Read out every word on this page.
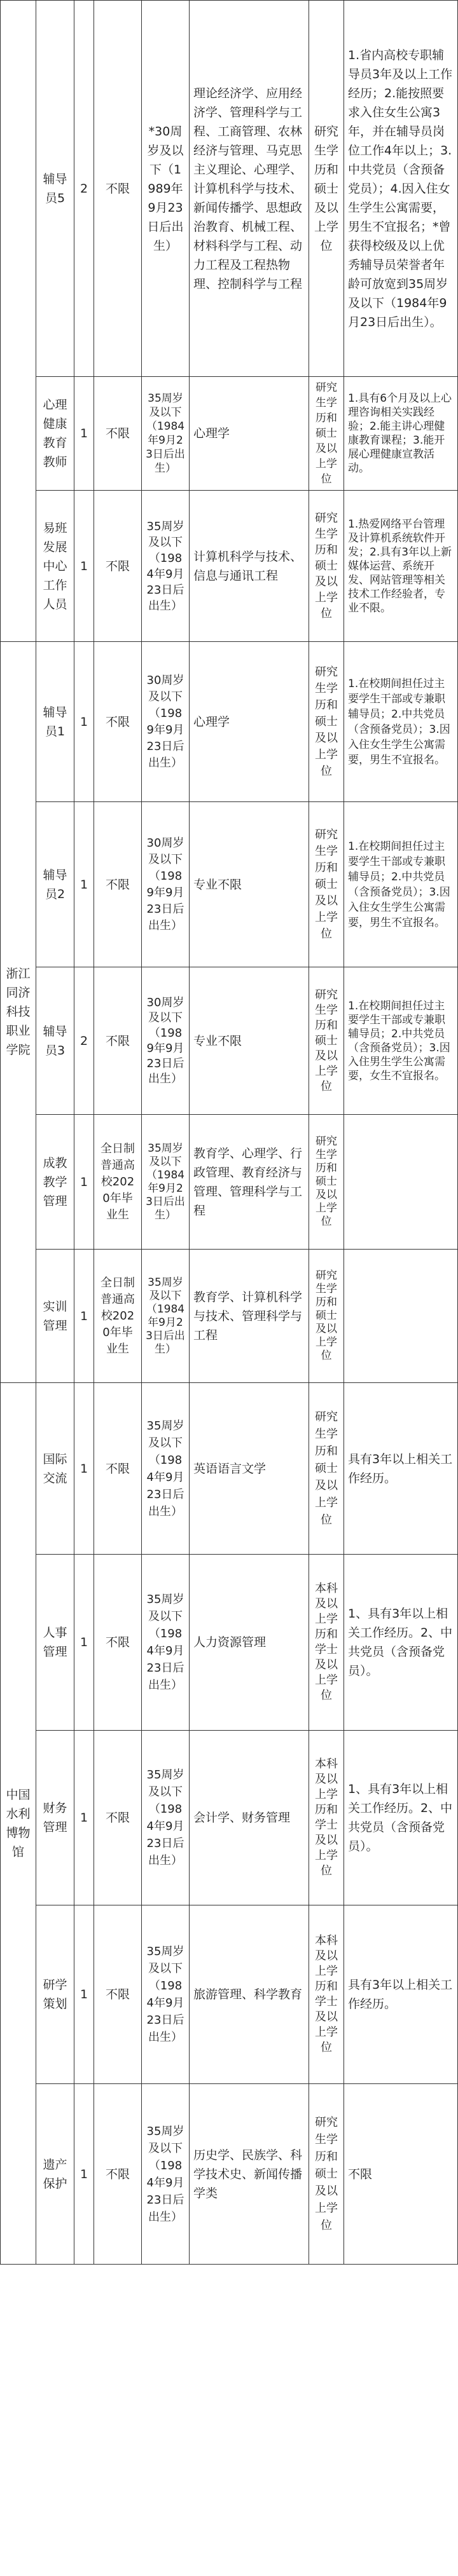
浙江同济科技职业学院
中国水利博物馆
辅导员5
2 不限
*30周岁及以下（1989年9月23日后出生）
理论经济学、应用经济学、管理科学与工程、工商管理、农林经济与管理、马克思主义理论、心理学、计算机科学与技术、新闻传播学、思想政治教育、机械工程、材料科学与工程、动力工程及工程热物理、控制科学与工程
研究生学历和硕士及以上学位
1.省内高校专职辅导员3年及以上工作经历；2.能按照要求入住女生公寓3年，并在辅导员岗位工作4年以上；3.中共党员（含预备党员）；4.因入住女生学生公寓需要，男生不宜报名；*曾获得校级及以上优秀辅导员荣誉者年龄可放宽到35周岁及以下（1984年9月23日后出生）。
心理健康教育教师
1 不限
35周岁及以下（1984年9月23日后出生）
心理学
研究生学历和硕士及以上学位
1.具有6个月及以上心理咨询相关实践经验；2.能主讲心理健康教育课程；3.能开展心理健康宣教活动。
易班发展中心工作人员
1 不限
35周岁及以下（1984年9月23日后出生）
计算机科学与技术、信息与通讯工程
研究生学历和硕士及以上学位
1.热爱网络平台管理及计算机系统软件开发；2.具有3年以上新媒体运营、系统开发、网站管理等相关技术工作经验者，专业不限。
辅导员1
1 不限
30周岁及以下（1989年9月23日后出生）
心理学
研究生学历和硕士及以上学位
1.在校期间担任过主要学生干部或专兼职辅导员；2.中共党员（含预备党员）；3.因入住女生学生公寓需要，男生不宜报名。
辅导员2
1 不限
30周岁及以下（1989年9月23日后出生）
专业不限
研究生学历和硕士及以上学位
1.在校期间担任过主要学生干部或专兼职辅导员；2.中共党员（含预备党员）；3.因入住女生学生公寓需要，男生不宜报名。
辅导员3
2 不限
30周岁及以下（1989年9月23日后出生）
专业不限
研究生学历和硕士及以上学位
1.在校期间担任过主要学生干部或专兼职辅导员；2.中共党员（含预备党员）；3.因入住男生学生公寓需要，女生不宜报名。
成教教学管理
1
全日制普通高校2020年毕业生
35周岁及以下（1984年9月23日后出生）
教育学、心理学、行政管理、教育经济与管理、管理科学与工程
研究生学历和硕士及以上学位
实训管理
1
全日制普通高校2020年毕业生
35周岁及以下（1984年9月23日后出生）
教育学、计算机科学与技术、管理科学与工程
研究生学历和硕士及以上学位
国际交流
1 不限
35周岁及以下（1984年9月23日后出生）
英语语言文学
研究生学历和硕士及以上学位
具有3年以上相关工作经历。
人事管理
1 不限
35周岁及以下（1984年9月23日后出生）
人力资源管理
本科及以上学历和学士及以上学位
1、具有3年以上相关工作经历。2、中共党员（含预备党员）。
财务管理
1 不限
35周岁及以下（1984年9月23日后出生）
会计学、财务管理
本科及以上学历和学士及以上学位
1、具有3年以上相关工作经历。2、中共党员（含预备党员）。
研学策划
1 不限
35周岁及以下（1984年9月23日后出生）
旅游管理、科学教育
本科及以上学历和学士及以上学位
具有3年以上相关工作经历。
遗产保护
1 不限
35周岁及以下（1984年9月23日后出生）
历史学、民族学、科学技术史、新闻传播学类
研究生学历和硕士及以上学位
不限
